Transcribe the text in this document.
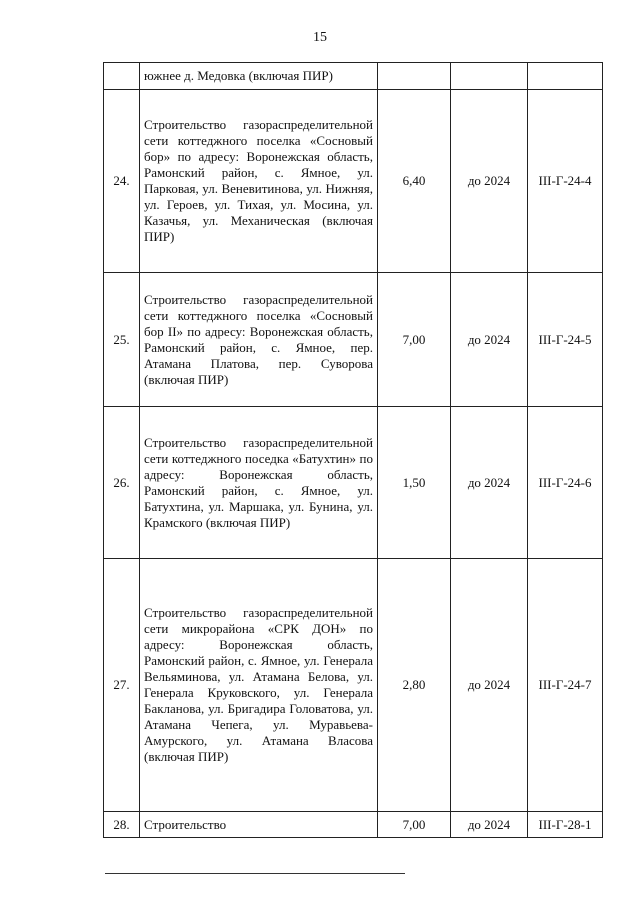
15
	южнее д. Медовка (включая ПИР)			
24.	Строительство газораспределительной сети коттеджного поселка «Сосновый бор» по адресу: Воронежская область, Рамонский район, с. Ямное, ул. Парковая, ул. Веневитинова, ул. Нижняя, ул. Героев, ул. Тихая, ул. Мосина, ул. Казачья, ул. Механическая (включая ПИР)	6,40	до 2024	III-Г-24-4
25.	Строительство газораспределительной сети коттеджного поселка «Сосновый бор II» по адресу: Воронежская область, Рамонский район, с. Ямное, пер. Атамана Платова, пер. Суворова (включая ПИР)	7,00	до 2024	III-Г-24-5
26.	Строительство газораспределительной сети коттеджного поседка «Батухтин» по адресу: Воронежская область, Рамонский район, с. Ямное, ул. Батухтина, ул. Маршака, ул. Бунина, ул. Крамского (включая ПИР)	1,50	до 2024	III-Г-24-6
27.	Строительство газораспределительной сети микрорайона «СРК ДОН» по адресу: Воронежская область, Рамонский район, с. Ямное, ул. Генерала Вельяминова, ул. Атамана Белова, ул. Генерала Круковского, ул. Генерала Бакланова, ул. Бригадира Головатова, ул. Атамана Чепега, ул. Муравьева-Амурского, ул. Атамана Власова (включая ПИР)	2,80	до 2024	III-Г-24-7
28.	Строительство	7,00	до 2024	III-Г-28-1
